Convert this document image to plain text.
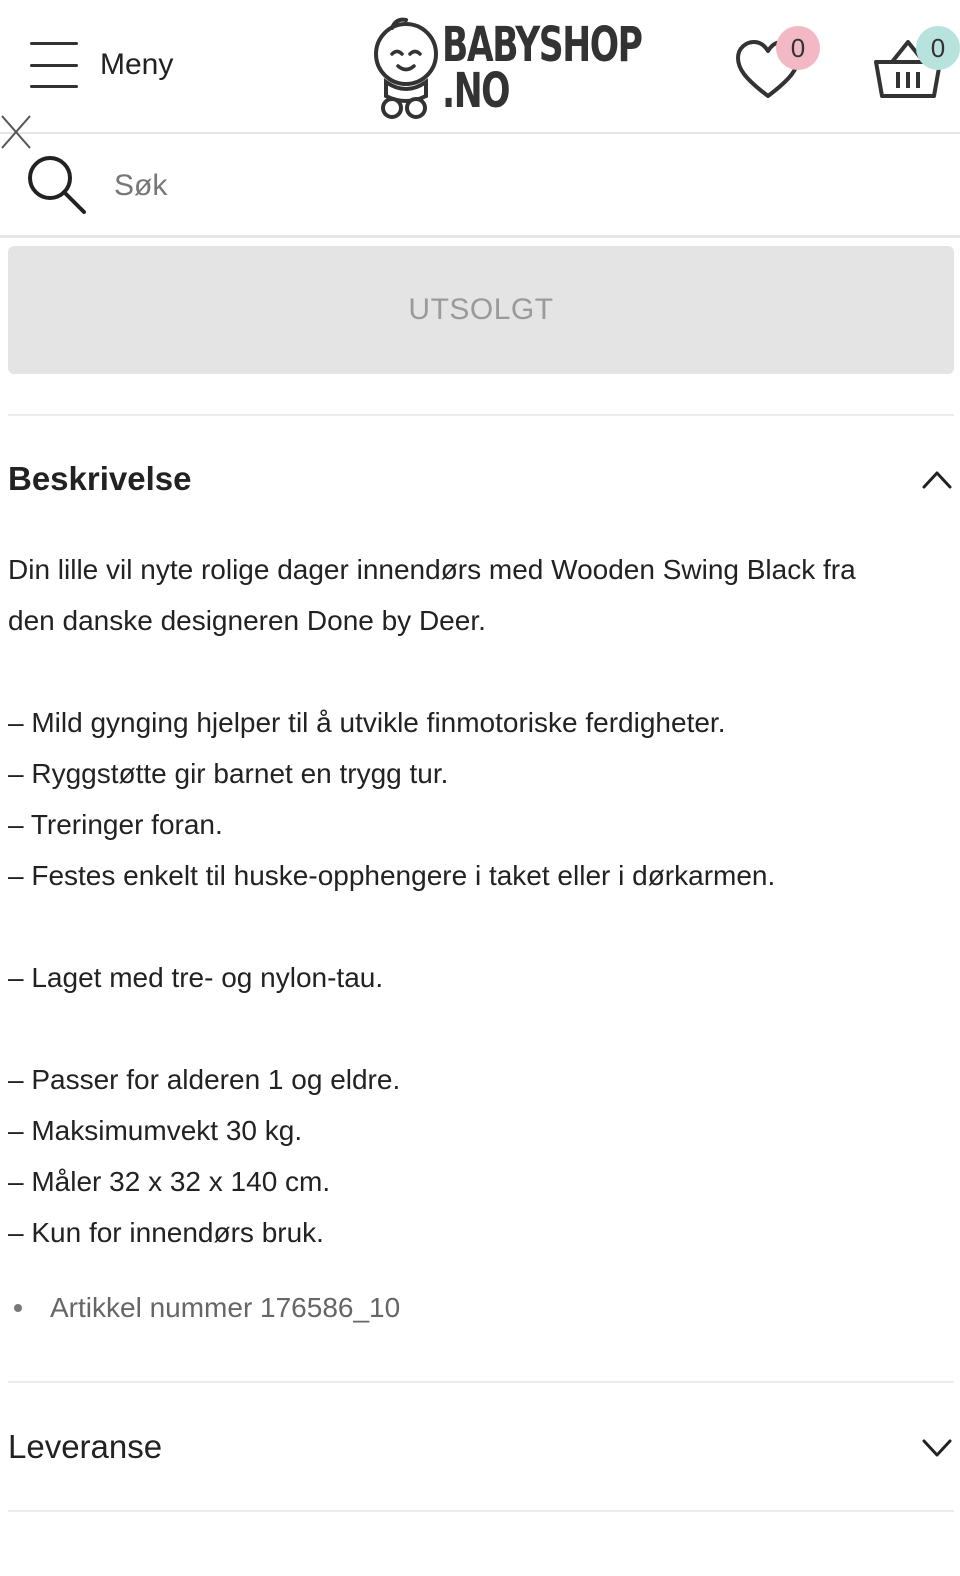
Meny	BABYSHOP
.NO
0	0
Søk
UTSOLGT
Beskrivelse

Din lille vil nyte rolige dager innendørs med Wooden Swing Black fra

den danske designeren Done by Deer.

– Mild gynging hjelper til å utvikle finmotoriske ferdigheter.

– Ryggstøtte gir barnet en trygg tur.

– Treringer foran.

– Festes enkelt til huske-opphengere i taket eller i dørkarmen.

– Laget med tre- og nylon-tau.

– Passer for alderen 1 og eldre.

– Maksimumvekt 30 kg.

– Måler 32 x 32 x 140 cm.

– Kun for innendørs bruk.

Artikkel nummer 176586_10
Leveranse
